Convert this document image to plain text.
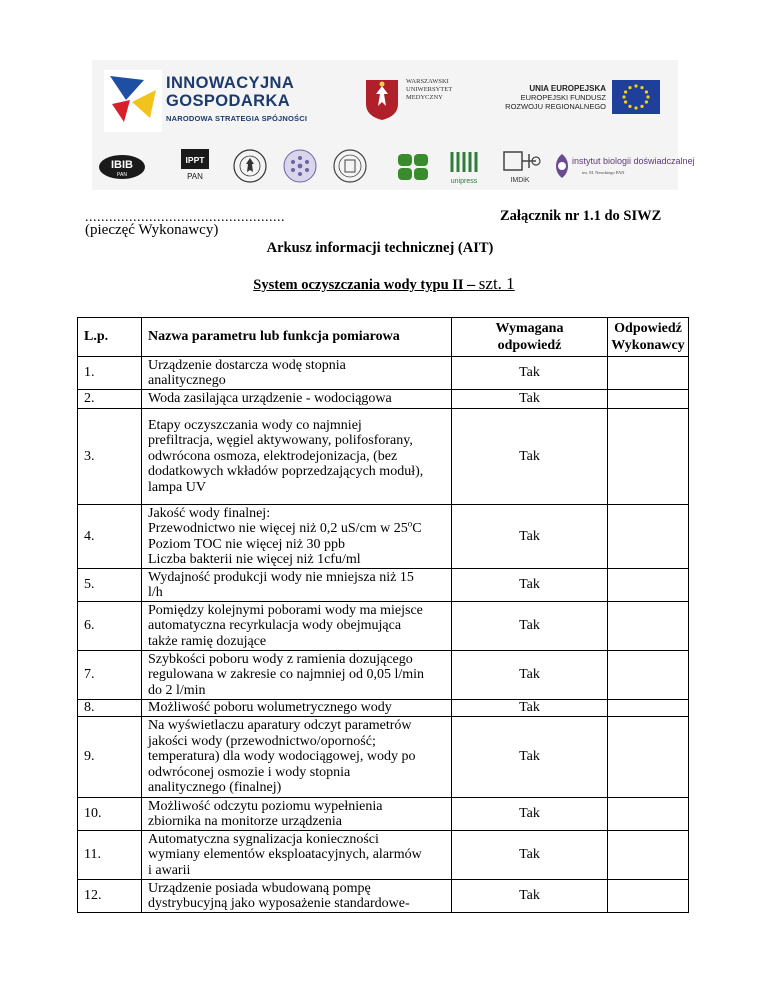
INNOWACYJNA
GOSPODARKA
NARODOWA STRATEGIA SPÓJNOŚCI
WARSZAWSKI
UNIWERSYTET
MEDYCZNY
UNIA EUROPEJSKA
EUROPEJSKI FUNDUSZ
ROZWOJU REGIONALNEGO
IBIB
PAN
IPPT
PAN
unipress	IMDiK
instytut biologii doświadczalnej
im. M. Nenckiego PAN
..................................................
(pieczęć Wykonawcy)
Załącznik nr 1.1 do SIWZ
Arkusz informacji technicznej (AIT)
System oczyszczania wody typu II – szt. 1
L.p.	Nazwa parametru lub funkcja pomiarowa	Wymagana
odpowiedź	Odpowiedź
Wykonawcy

1.	Urządzenie dostarcza wodę stopnia
analitycznego	Tak	
2.	Woda zasilająca urządzenie - wodociągowa	Tak	
3.	Etapy oczyszczania wody co najmniej
prefiltracja, węgiel aktywowany, polifosforany,
odwrócona osmoza, elektrodejonizacja, (bez
dodatkowych wkładów poprzedzających moduł),
lampa UV	Tak	
4.	Jakość wody finalnej:
Przewodnictwo nie więcej niż 0,2 uS/cm w 25$^o$C
Poziom TOC nie więcej niż 30 ppb
Liczba bakterii nie więcej niż 1cfu/ml	Tak	
5.	Wydajność produkcji wody nie mniejsza niż 15
l/h	Tak	
6.	Pomiędzy kolejnymi poborami wody ma miejsce
automatyczna recyrkulacja wody obejmująca
także ramię dozujące	Tak	
7.	Szybkości poboru wody z ramienia dozującego
regulowana w zakresie co najmniej od 0,05 l/min
do 2 l/min	Tak	
8.	Możliwość poboru wolumetrycznego wody	Tak	
9.	Na wyświetlaczu aparatury odczyt parametrów
jakości wody (przewodnictwo/oporność;
temperatura) dla wody wodociągowej, wody po
odwróconej osmozie i wody stopnia
analitycznego (finalnej)	Tak	
10.	Możliwość odczytu poziomu wypełnienia
zbiornika na monitorze urządzenia	Tak	
11.	Automatyczna sygnalizacja konieczności
wymiany elementów eksploatacyjnych, alarmów
i awarii	Tak	
12.	Urządzenie posiada wbudowaną pompę
dystrybucyjną jako wyposażenie standardowe-	Tak	
